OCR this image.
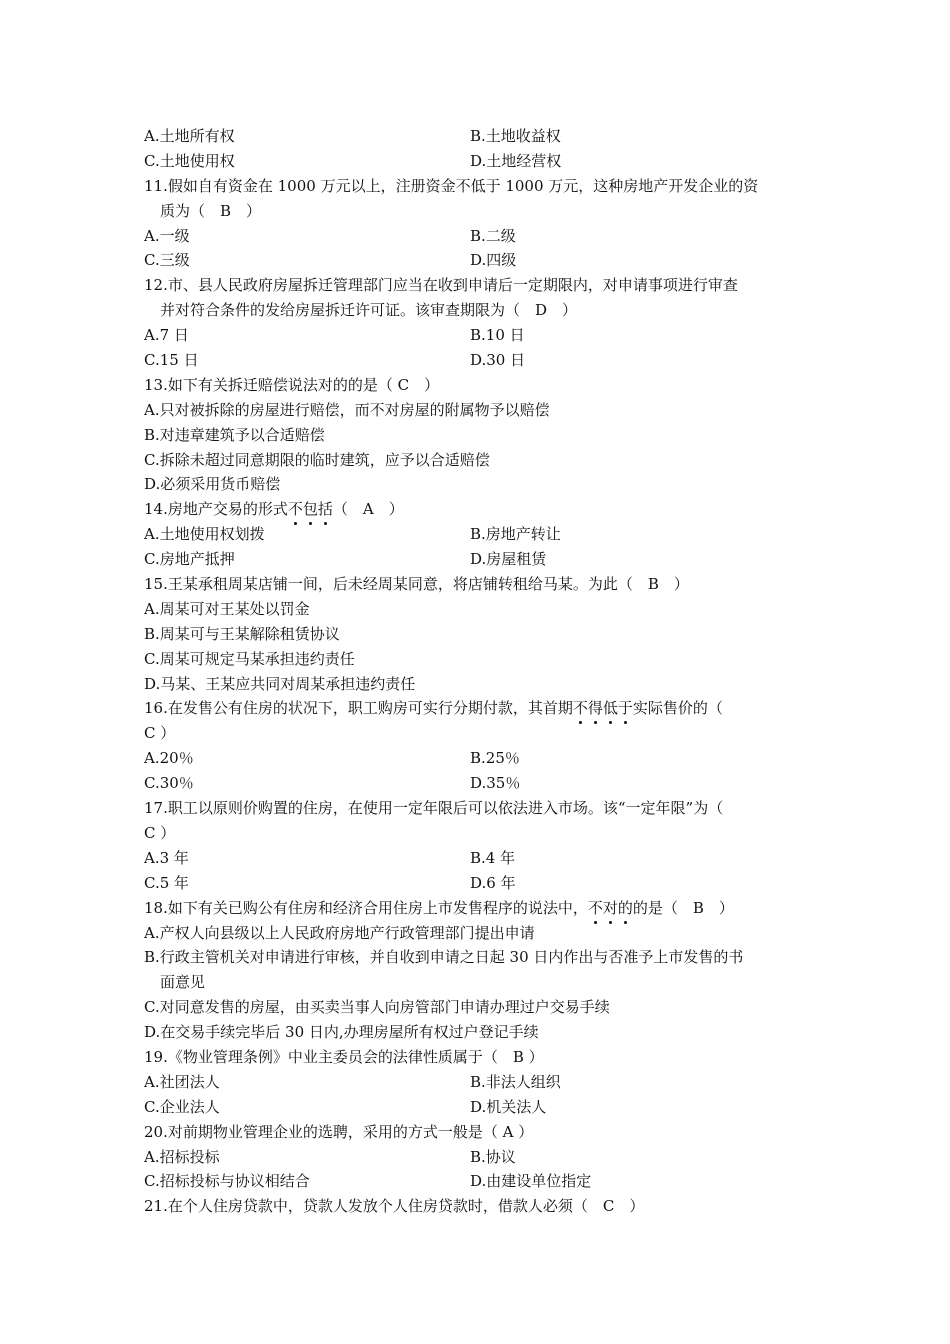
A.土地所有权	B.土地收益权
C.土地使用权	D.土地经营权
11.假如自有资金在 1000 万元以上，注册资金不低于 1000 万元，这种房地产开发企业的资
质为（　B　）
A.一级	B.二级
C.三级	D.四级
12.市、县人民政府房屋拆迁管理部门应当在收到申请后一定期限内，对申请事项进行审查
并对符合条件的发给房屋拆迁许可证。该审查期限为（　D　）
A.7 日	B.10 日
C.15 日	D.30 日
13.如下有关拆迁赔偿说法对的的是（ C　）
A.只对被拆除的房屋进行赔偿，而不对房屋的附属物予以赔偿
B.对违章建筑予以合适赔偿
C.拆除未超过同意期限的临时建筑，应予以合适赔偿
D.必须采用货币赔偿
14.房地产交易的形式不包括（　A　）
A.土地使用权划拨	B.房地产转让
C.房地产抵押	D.房屋租赁
15.王某承租周某店铺一间，后未经周某同意，将店铺转租给马某。为此（　B　）
A.周某可对王某处以罚金
B.周某可与王某解除租赁协议
C.周某可规定马某承担违约责任
D.马某、王某应共同对周某承担违约责任
16.在发售公有住房的状况下，职工购房可实行分期付款，其首期不得低于实际售价的（
C ）
A.20％	B.25％
C.30％	D.35％
17.职工以原则价购置的住房，在使用一定年限后可以依法进入市场。该“一定年限”为（
C ）
A.3 年	B.4 年
C.5 年	D.6 年
18.如下有关已购公有住房和经济合用住房上市发售程序的说法中，不对的的是（　B　）
A.产权人向县级以上人民政府房地产行政管理部门提出申请
B.行政主管机关对申请进行审核，并自收到申请之日起 30 日内作出与否准予上市发售的书
面意见
C.对同意发售的房屋，由买卖当事人向房管部门申请办理过户交易手续
D.在交易手续完毕后 30 日内,办理房屋所有权过户登记手续
19.《物业管理条例》中业主委员会的法律性质属于（　B ）
A.社团法人	B.非法人组织
C.企业法人	D.机关法人
20.对前期物业管理企业的选聘，采用的方式一般是（ A ）
A.招标投标	B.协议
C.招标投标与协议相结合	D.由建设单位指定
21.在个人住房贷款中，贷款人发放个人住房贷款时，借款人必须（　C　）
